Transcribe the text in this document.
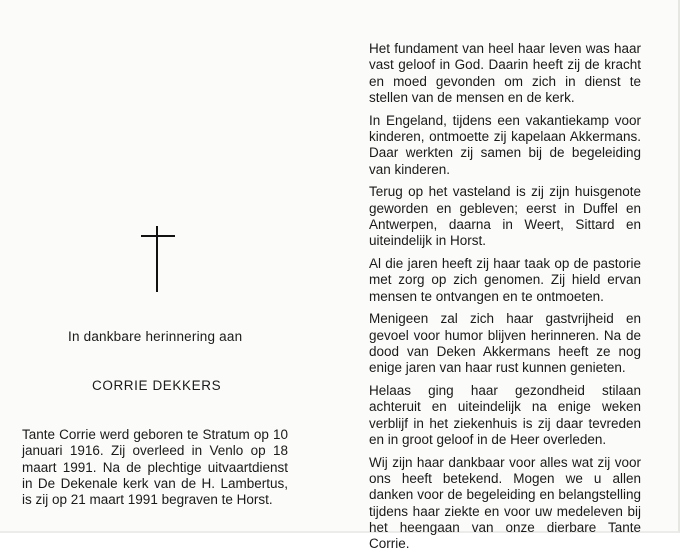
In dankbare herinnering aan
CORRIE DEKKERS

Tante Corrie werd geboren te Stratum op 10 januari 1916. Zij overleed in Venlo op 18 maart 1991. Na de plechtige uitvaartdienst in De Dekenale kerk van de H. Lambertus, is zij op 21 maart 1991 begraven te Horst.

Het fundament van heel haar leven was haar vast geloof in God. Daarin heeft zij de kracht en moed gevonden om zich in dienst te stellen van de mensen en de kerk.

In Engeland, tijdens een vakantiekamp voor kinderen, ontmoette zij kapelaan Akkermans. Daar werkten zij samen bij de begeleiding van kinderen.

Terug op het vasteland is zij zijn huisgenote geworden en gebleven; eerst in Duffel en Antwerpen, daarna in Weert, Sittard en uiteindelijk in Horst.

Al die jaren heeft zij haar taak op de pastorie met zorg op zich genomen. Zij hield ervan mensen te ontvangen en te ontmoeten.

Menigeen zal zich haar gastvrijheid en gevoel voor humor blijven herinneren. Na de dood van Deken Akkermans heeft ze nog enige jaren van haar rust kunnen genieten.

Helaas ging haar gezondheid stilaan achteruit en uiteindelijk na enige weken verblijf in het ziekenhuis is zij daar tevreden en in groot geloof in de Heer overleden.

Wij zijn haar dankbaar voor alles wat zij voor ons heeft betekend. Mogen we u allen danken voor de begeleiding en belangstelling tijdens haar ziekte en voor uw medeleven bij het heengaan van onze dierbare Tante Corrie.
